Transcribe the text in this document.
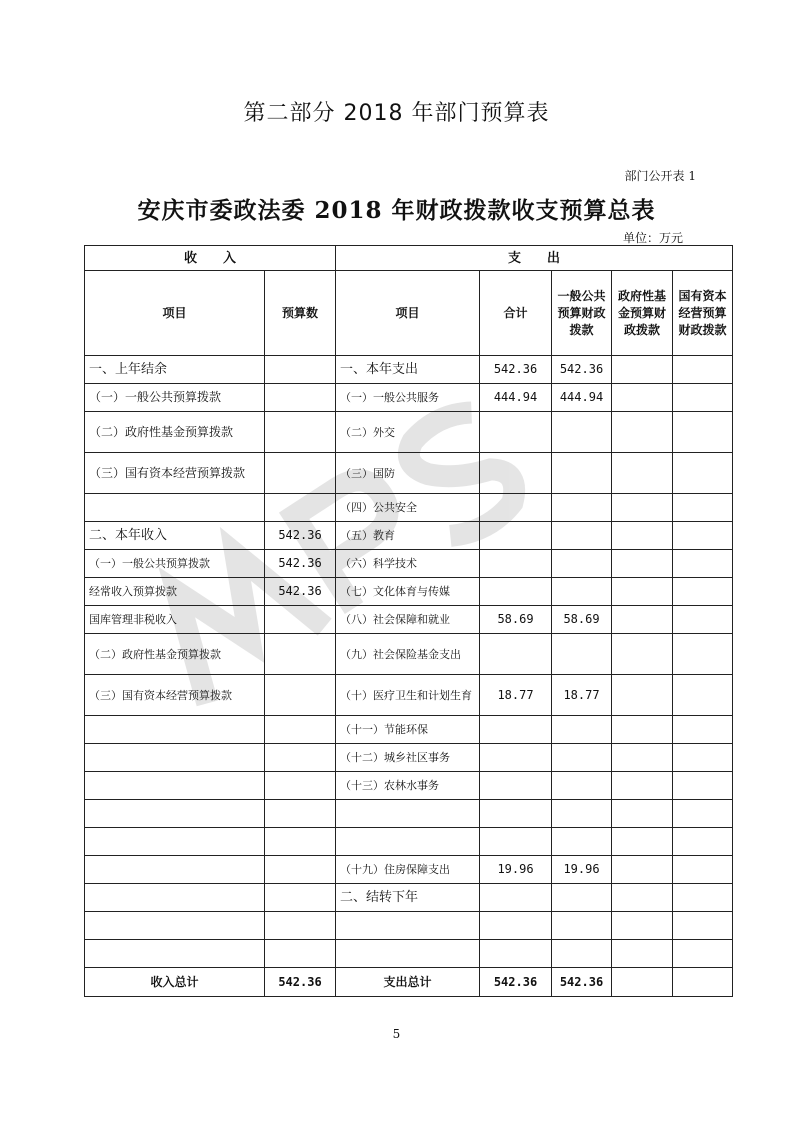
第二部分 2018 年部门预算表
部门公开表 1
安庆市委政法委 2018 年财政拨款收支预算总表
单位：万元
收　　入		支　　出				
项目	预算数	项目	合计	一般公共预算财政拨款	政府性基金预算财政拨款	国有资本经营预算财政拨款
一、上年结余		一、本年支出	542.36	542.36		
（一）一般公共预算拨款		（一）一般公共服务	444.94	444.94		
（二）政府性基金预算拨款		（二）外交				
（三）国有资本经营预算拨款		（三）国防				
		（四）公共安全				
二、本年收入	542.36	（五）教育				
（一）一般公共预算拨款	542.36	（六）科学技术				
经常收入预算拨款	542.36	（七）文化体育与传媒				
国库管理非税收入		（八）社会保障和就业	58.69	58.69		
（二）政府性基金预算拨款		（九）社会保险基金支出				
（三）国有资本经营预算拨款		（十）医疗卫生和计划生育	18.77	18.77		
		（十一）节能环保				
		（十二）城乡社区事务				
		（十三）农林水事务				

		（十九）住房保障支出	19.96	19.96		
		二、结转下年				

收入总计	542.36	支出总计	542.36	542.36		
5
